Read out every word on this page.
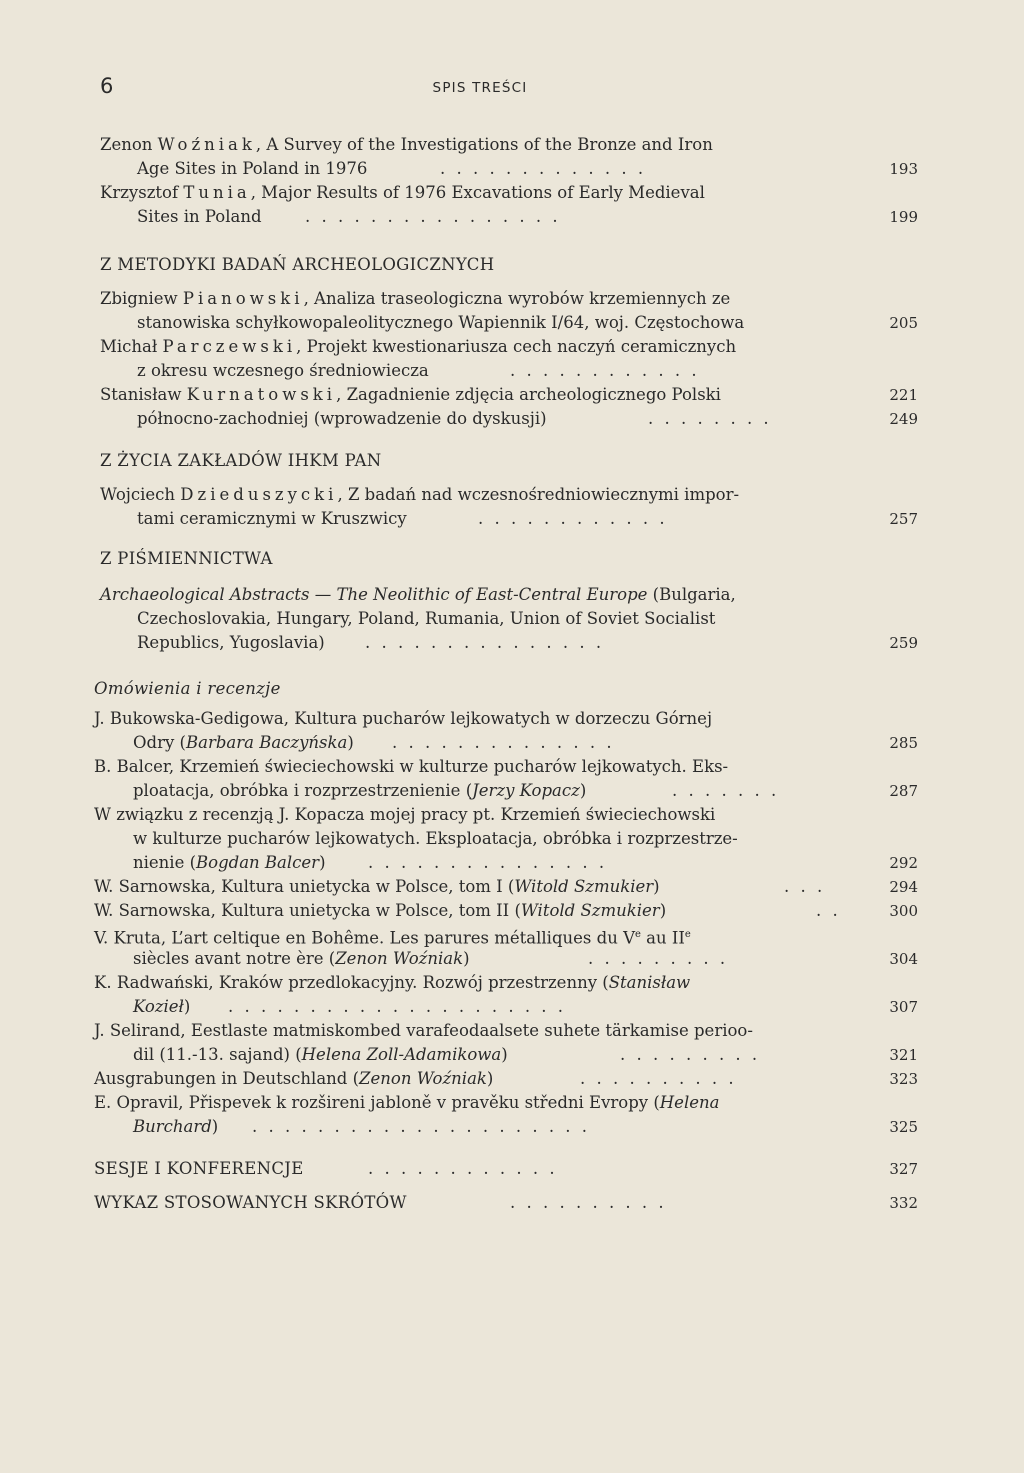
6	SPIS TREŚCI
Zenon Woźniak, A Survey of the Investigations of the Bronze and Iron
Age Sites in Poland in 1976	. . . . . . . . . . . . .	193
Krzysztof Tunia, Major Results of 1976 Excavations of Early Medieval
Sites in Poland	. . . . . . . . . . . . . . . .	199
Z METODYKI BADAŃ ARCHEOLOGICZNYCH
Zbigniew Pianowski, Analiza traseologiczna wyrobów krzemiennych ze
stanowiska schyłkowopaleolitycznego Wapiennik I/64, woj. Częstochowa	205
Michał Parczewski, Projekt kwestionariusza cech naczyń ceramicznych
z okresu wczesnego średniowiecza	. . . . . . . . . . . .
Stanisław Kurnatowski, Zagadnienie zdjęcia archeologicznego Polski	221
północno-zachodniej (wprowadzenie do dyskusji)	. . . . . . . .	249
Z ŻYCIA ZAKŁADÓW IHKM PAN
Wojciech Dzieduszycki, Z badań nad wczesnośredniowiecznymi impor-
tami ceramicznymi w Kruszwicy	. . . . . . . . . . . .	257
Z PIŚMIENNICTWA
Archaeological Abstracts — The Neolithic of East-Central Europe (Bulgaria,
Czechoslovakia, Hungary, Poland, Rumania, Union of Soviet Socialist
Republics, Yugoslavia) . . . . . . . . . . . . . . .	259
Omówienia i recenzje
J. Bukowska-Gedigowa, Kultura pucharów lejkowatych w dorzeczu Górnej
Odry (Barbara Baczyńska) . . . . . . . . . . . . . .	285
B. Balcer, Krzemień świeciechowski w kulturze pucharów lejkowatych. Eks-
ploatacja, obróbka i rozprzestrzenienie (Jerzy Kopacz)	. . . . . . .	287
W związku z recenzją J. Kopacza mojej pracy pt. Krzemień świeciechowski
w kulturze pucharów lejkowatych. Eksploatacja, obróbka i rozprzestrze-
nienie (Bogdan Balcer)	. . . . . . . . . . . . . . .	292
W. Sarnowska, Kultura unietycka w Polsce, tom I (Witold Szmukier)	. . .	294
W. Sarnowska, Kultura unietycka w Polsce, tom II (Witold Szmukier)	. .	300
V. Kruta, L’art celtique en Bohême. Les parures métalliques du Ve au IIe
siècles avant notre ère (Zenon Woźniak)	. . . . . . . . .	304
K. Radwański, Kraków przedlokacyjny. Rozwój przestrzenny (Stanisław
Kozieł) . . . . . . . . . . . . . . . . . . . . .	307
J. Selirand, Eestlaste matmiskombed varafeodaalsete suhete tärkamise perioo-
dil (11.-13. sajand) (Helena Zoll-Adamikowa)	. . . . . . . . .	321
Ausgrabungen in Deutschland (Zenon Woźniak)	. . . . . . . . . .	323
E. Opravil, Přispevek k rozšireni jabloně v pravěku středni Evropy (Helena
Burchard) . . . . . . . . . . . . . . . . . . . . .	325
SESJE I KONFERENCJE	. . . . . . . . . . . .	327
WYKAZ STOSOWANYCH SKRÓTÓW	. . . . . . . . . .	332
